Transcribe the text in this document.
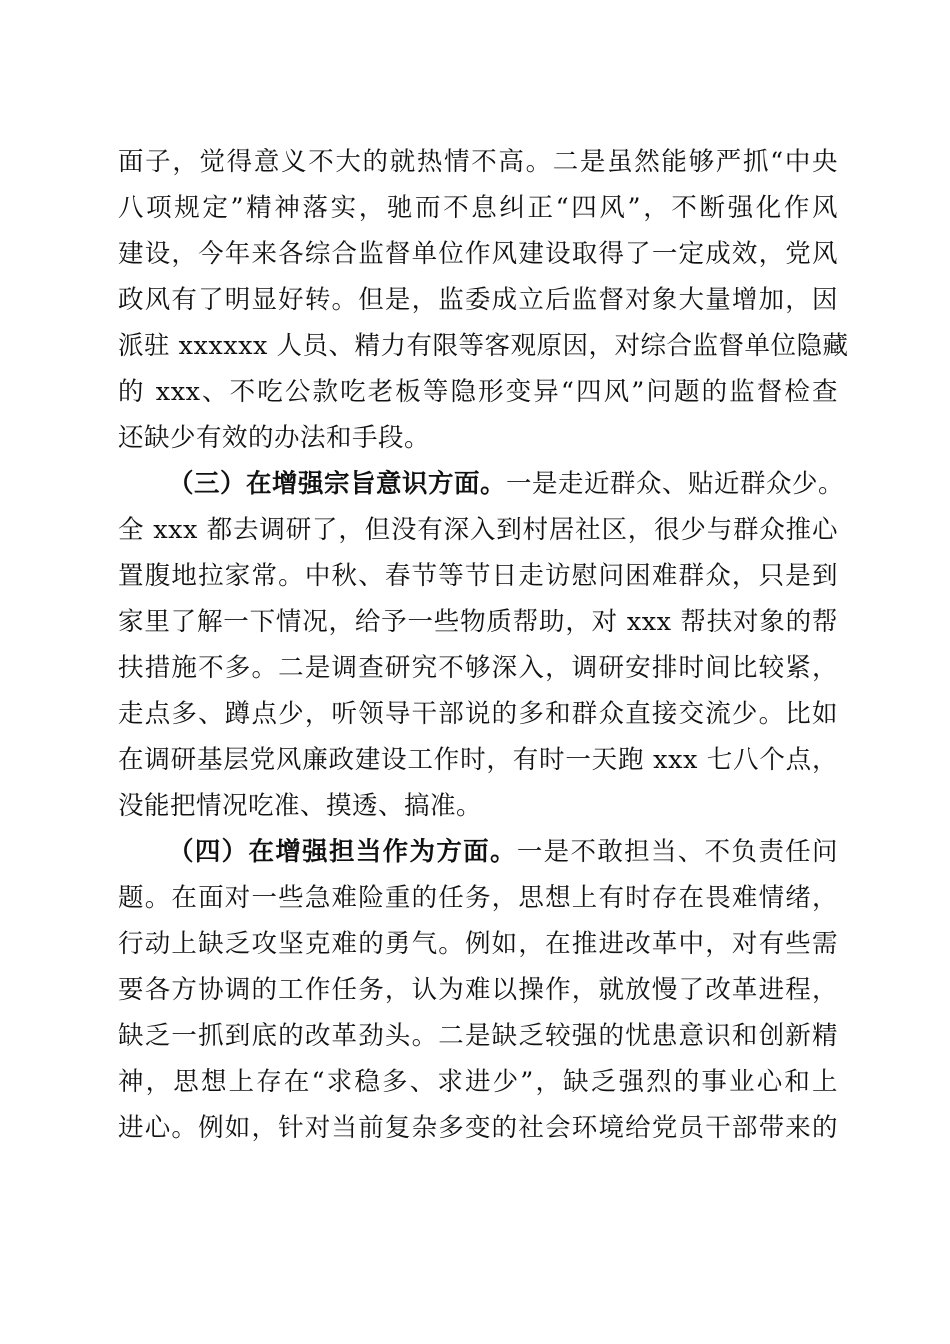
面子，觉得意义不大的就热情不高。二是虽然能够严抓“中央
八项规定”精神落实，驰而不息纠正“四风”，不断强化作风
建设，今年来各综合监督单位作风建设取得了一定成效，党风
政风有了明显好转。但是，监委成立后监督对象大量增加，因
派驻 xxxxxx 人员、精力有限等客观原因，对综合监督单位隐藏
的 xxx、不吃公款吃老板等隐形变异“四风”问题的监督检查
还缺少有效的办法和手段。
（三）在增强宗旨意识方面。一是走近群众、贴近群众少。
全 xxx 都去调研了，但没有深入到村居社区，很少与群众推心
置腹地拉家常。中秋、春节等节日走访慰问困难群众，只是到
家里了解一下情况，给予一些物质帮助，对 xxx 帮扶对象的帮
扶措施不多。二是调查研究不够深入，调研安排时间比较紧，
走点多、蹲点少，听领导干部说的多和群众直接交流少。比如
在调研基层党风廉政建设工作时，有时一天跑 xxx 七八个点，
没能把情况吃准、摸透、搞准。
（四）在增强担当作为方面。一是不敢担当、不负责任问
题。在面对一些急难险重的任务，思想上有时存在畏难情绪，
行动上缺乏攻坚克难的勇气。例如，在推进改革中，对有些需
要各方协调的工作任务，认为难以操作，就放慢了改革进程，
缺乏一抓到底的改革劲头。二是缺乏较强的忧患意识和创新精
神，思想上存在“求稳多、求进少”，缺乏强烈的事业心和上
进心。例如，针对当前复杂多变的社会环境给党员干部带来的
